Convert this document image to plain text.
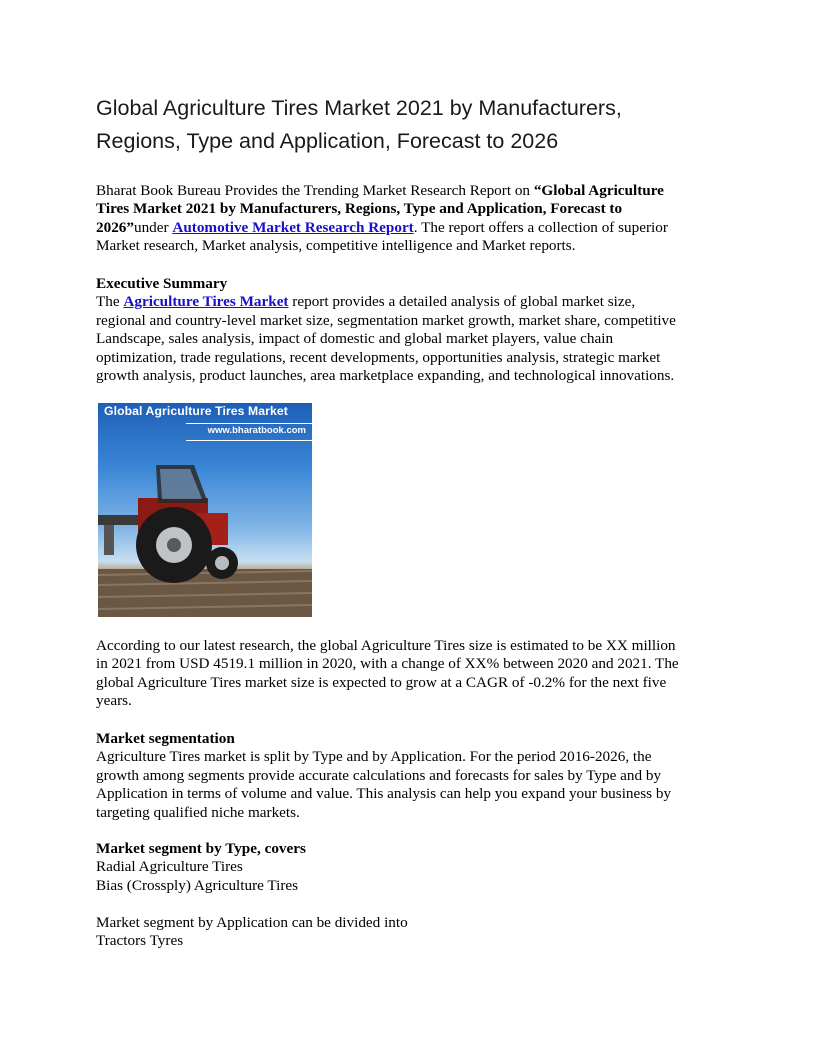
Global Agriculture Tires Market 2021 by Manufacturers,
Regions, Type and Application, Forecast to 2026
Bharat Book Bureau Provides the Trending Market Research Report on “Global Agriculture
Tires Market 2021 by Manufacturers, Regions, Type and Application, Forecast to
2026”under Automotive Market Research Report. The report offers a collection of superior
Market research, Market analysis, competitive intelligence and Market reports.
Executive Summary
The Agriculture Tires Market report provides a detailed analysis of global market size,
regional and country-level market size, segmentation market growth, market share, competitive
Landscape, sales analysis, impact of domestic and global market players, value chain
optimization, trade regulations, recent developments, opportunities analysis, strategic market
growth analysis, product launches, area marketplace expanding, and technological innovations.
Global Agriculture Tires Market
www.bharatbook.com
According to our latest research, the global Agriculture Tires size is estimated to be XX million
in 2021 from USD 4519.1 million in 2020, with a change of XX% between 2020 and 2021. The
global Agriculture Tires market size is expected to grow at a CAGR of -0.2% for the next five
years.
Market segmentation
Agriculture Tires market is split by Type and by Application. For the period 2016-2026, the
growth among segments provide accurate calculations and forecasts for sales by Type and by
Application in terms of volume and value. This analysis can help you expand your business by
targeting qualified niche markets.
Market segment by Type, covers
Radial Agriculture Tires
Bias (Crossply) Agriculture Tires
Market segment by Application can be divided into
Tractors Tyres
